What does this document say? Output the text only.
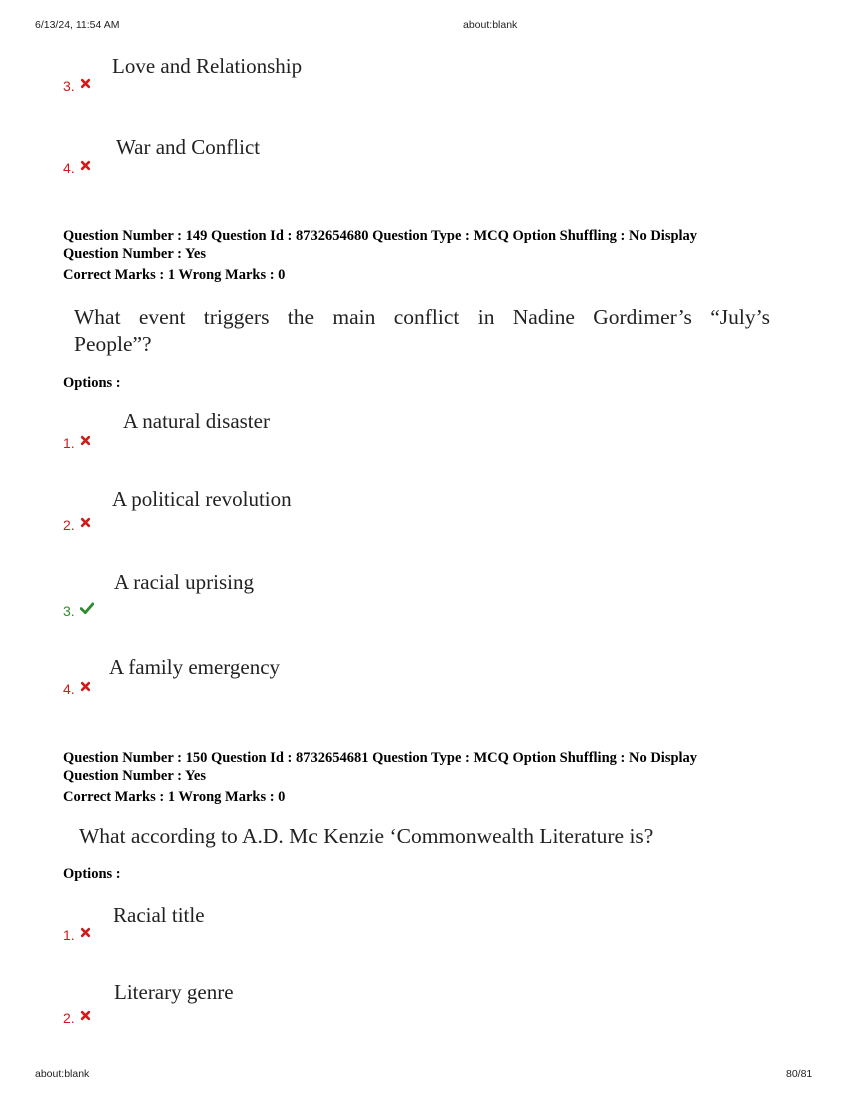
6/13/24, 11:54 AM	about:blank
Love and Relationship
3.
War and Conflict
4.
Question Number : 149 Question Id : 8732654680 Question Type : MCQ Option Shuffling : No Display
Question Number : Yes
Correct Marks : 1 Wrong Marks : 0
What event triggers the main conflict in Nadine Gordimer’s “July’s
People”?
Options :
A natural disaster
1.
A political revolution
2.
A racial uprising
3.
A family emergency
4.
Question Number : 150 Question Id : 8732654681 Question Type : MCQ Option Shuffling : No Display
Question Number : Yes
Correct Marks : 1 Wrong Marks : 0
What according to A.D. Mc Kenzie ‘Commonwealth Literature is?
Options :
Racial title
1.
Literary genre
2.
about:blank	80/81
